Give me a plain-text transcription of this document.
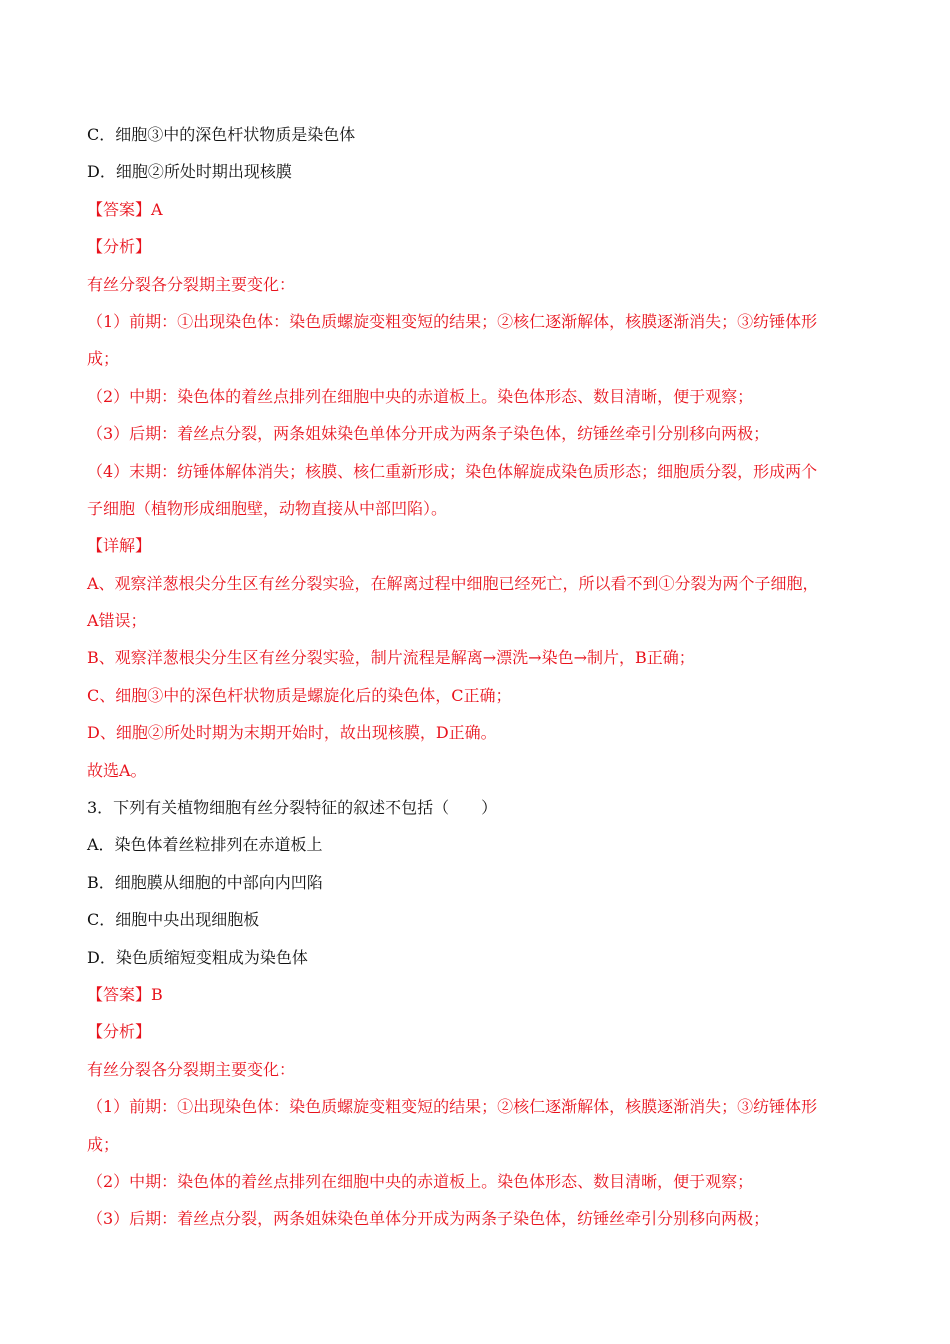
C．细胞③中的深色杆状物质是染色体
D．细胞②所处时期出现核膜
【答案】A
【分析】
有丝分裂各分裂期主要变化：
（1）前期：①出现染色体：染色质螺旋变粗变短的结果；②核仁逐渐解体，核膜逐渐消失；③纺锤体形
成；
（2）中期：染色体的着丝点排列在细胞中央的赤道板上。染色体形态、数目清晰，便于观察；
（3）后期：着丝点分裂，两条姐妹染色单体分开成为两条子染色体，纺锤丝牵引分别移向两极；
（4）末期：纺锤体解体消失；核膜、核仁重新形成；染色体解旋成染色质形态；细胞质分裂，形成两个
子细胞（植物形成细胞壁，动物直接从中部凹陷）。
【详解】
A、观察洋葱根尖分生区有丝分裂实验，在解离过程中细胞已经死亡，所以看不到①分裂为两个子细胞，
A错误；
B、观察洋葱根尖分生区有丝分裂实验，制片流程是解离→漂洗→染色→制片，B正确；
C、细胞③中的深色杆状物质是螺旋化后的染色体，C正确；
D、细胞②所处时期为末期开始时，故出现核膜，D正确。
故选A。
3．下列有关植物细胞有丝分裂特征的叙述不包括（　　）
A．染色体着丝粒排列在赤道板上
B．细胞膜从细胞的中部向内凹陷
C．细胞中央出现细胞板
D．染色质缩短变粗成为染色体
【答案】B
【分析】
有丝分裂各分裂期主要变化：
（1）前期：①出现染色体：染色质螺旋变粗变短的结果；②核仁逐渐解体，核膜逐渐消失；③纺锤体形
成；
（2）中期：染色体的着丝点排列在细胞中央的赤道板上。染色体形态、数目清晰，便于观察；
（3）后期：着丝点分裂，两条姐妹染色单体分开成为两条子染色体，纺锤丝牵引分别移向两极；
